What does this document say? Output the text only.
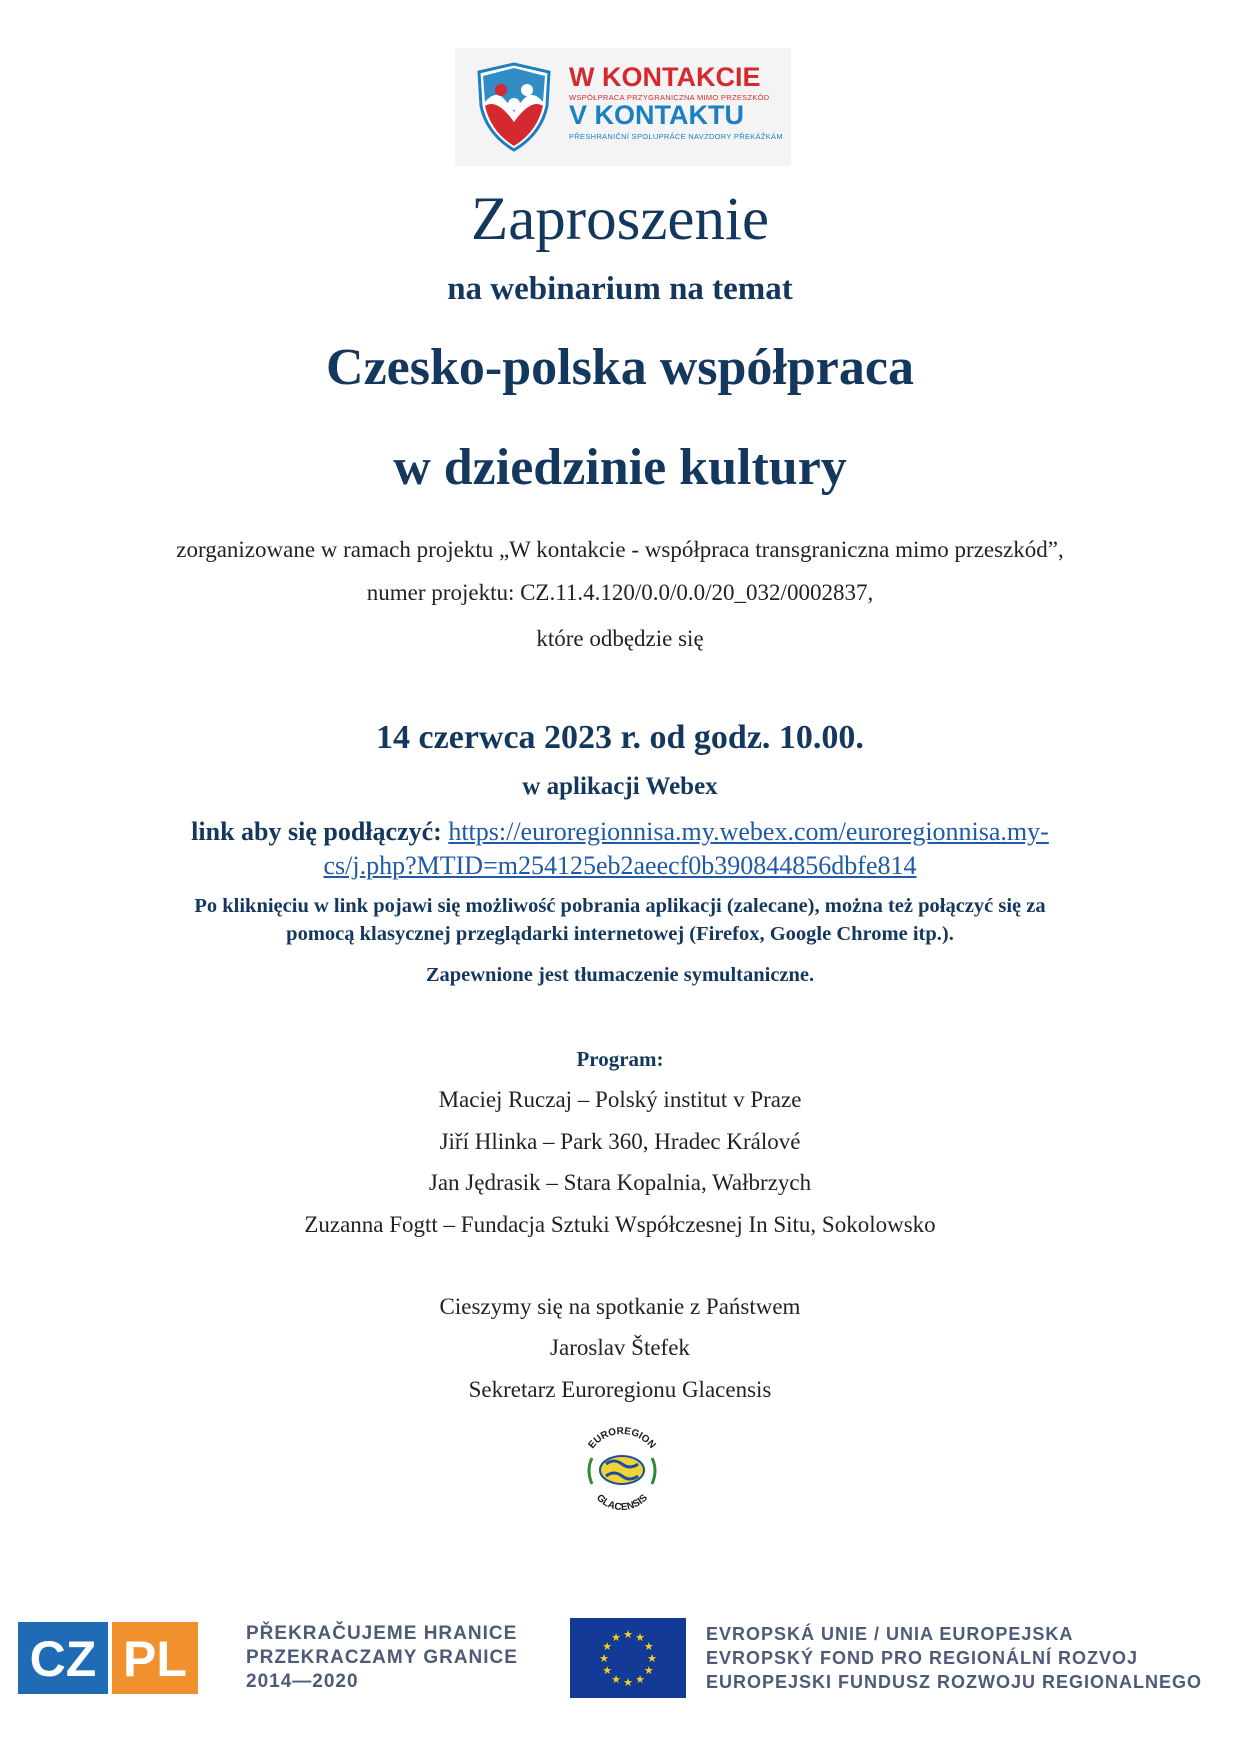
W KONTAKCIE
WSPÓŁPRACA PRZYGRANICZNA MIMO PRZESZKÓD
V KONTAKTU
PŘESHRANIČNÍ SPOLUPRÁCE NAVZDORY PŘEKÁŽKÁM
Zaproszenie
na webinarium na temat
Czesko-polska współpraca
w dziedzinie kultury
zorganizowane w ramach projektu „W kontakcie - współpraca transgraniczna mimo przeszkód”,
numer projektu: CZ.11.4.120/0.0/0.0/20_032/0002837,
które odbędzie się
14 czerwca 2023 r. od godz. 10.00.
w aplikacji Webex
link aby się podłączyć: https://euroregionnisa.my.webex.com/euroregionnisa.my-
cs/j.php?MTID=m254125eb2aeecf0b390844856dbfe814
Po kliknięciu w link pojawi się możliwość pobrania aplikacji (zalecane), można też połączyć się za
pomocą klasycznej przeglądarki internetowej (Firefox, Google Chrome itp.).
Zapewnione jest tłumaczenie symultaniczne.
Program:
Maciej Ruczaj – Polský institut v Praze
Jiří Hlinka – Park 360, Hradec Králové
Jan Jędrasik – Stara Kopalnia, Wałbrzych
Zuzanna Fogtt – Fundacja Sztuki Współczesnej In Situ, Sokolowsko
Cieszymy się na spotkanie z Państwem
Jaroslav Štefek
Sekretarz Euroregionu Glacensis
EUROREGION
GLACENSIS
CZ PL	PŘEKRAČUJEME HRANICE
PRZEKRACZAMY GRANICE
2014—2020
★ ★
★
★
★
★
★
★
★
★
★
★	EVROPSKÁ UNIE / UNIA EUROPEJSKA
EVROPSKÝ FOND PRO REGIONÁLNÍ ROZVOJ
EUROPEJSKI FUNDUSZ ROZWOJU REGIONALNEGO
